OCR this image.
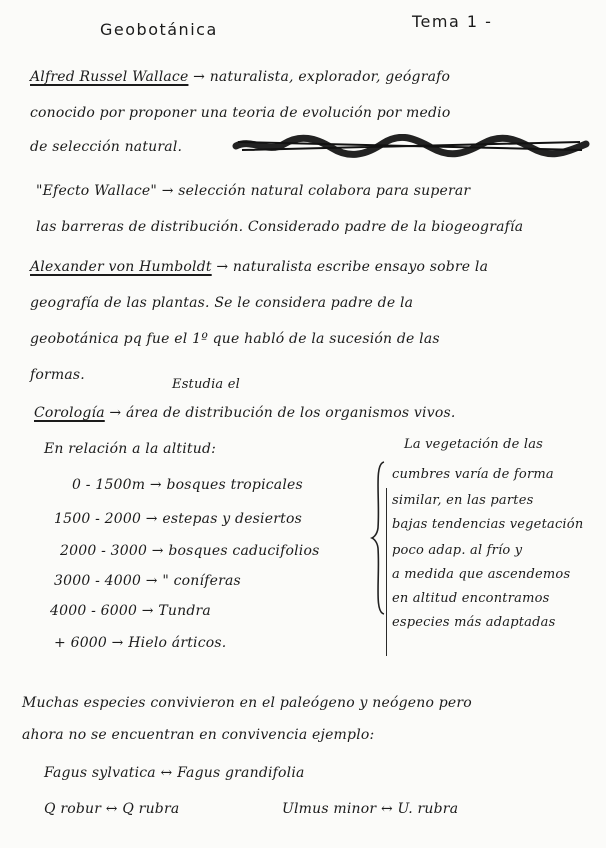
Geobotánica	Tema 1 -
Alfred Russel Wallace → naturalista, explorador, geógrafo
conocido por proponer una teoria de evolución por medio
de selección natural.
"Efecto Wallace" → selección natural colabora para superar
las barreras de distribución. Considerado padre de la biogeografía
Alexander von Humboldt → naturalista escribe ensayo sobre la
geografía de las plantas. Se le considera padre de la
geobotánica pq fue el 1º que habló de la sucesión de las
formas.
Estudia el
Corología → área de distribución de los organismos vivos.
En relación a la altitud:
0 - 1500m → bosques tropicales
1500 - 2000 → estepas y desiertos
2000 - 3000 → bosques caducifolios
3000 - 4000 → " coníferas
4000 - 6000 → Tundra
+ 6000 → Hielo árticos.
La vegetación de las
cumbres varía de forma
similar, en las partes
bajas tendencias vegetación
poco adap. al frío y
a medida que ascendemos
en altitud encontramos
especies más adaptadas
Muchas especies convivieron en el paleógeno y neógeno pero
ahora no se encuentran en convivencia ejemplo:
Fagus sylvatica ↔ Fagus grandifolia
Q robur ↔ Q rubra	Ulmus minor ↔ U. rubra
